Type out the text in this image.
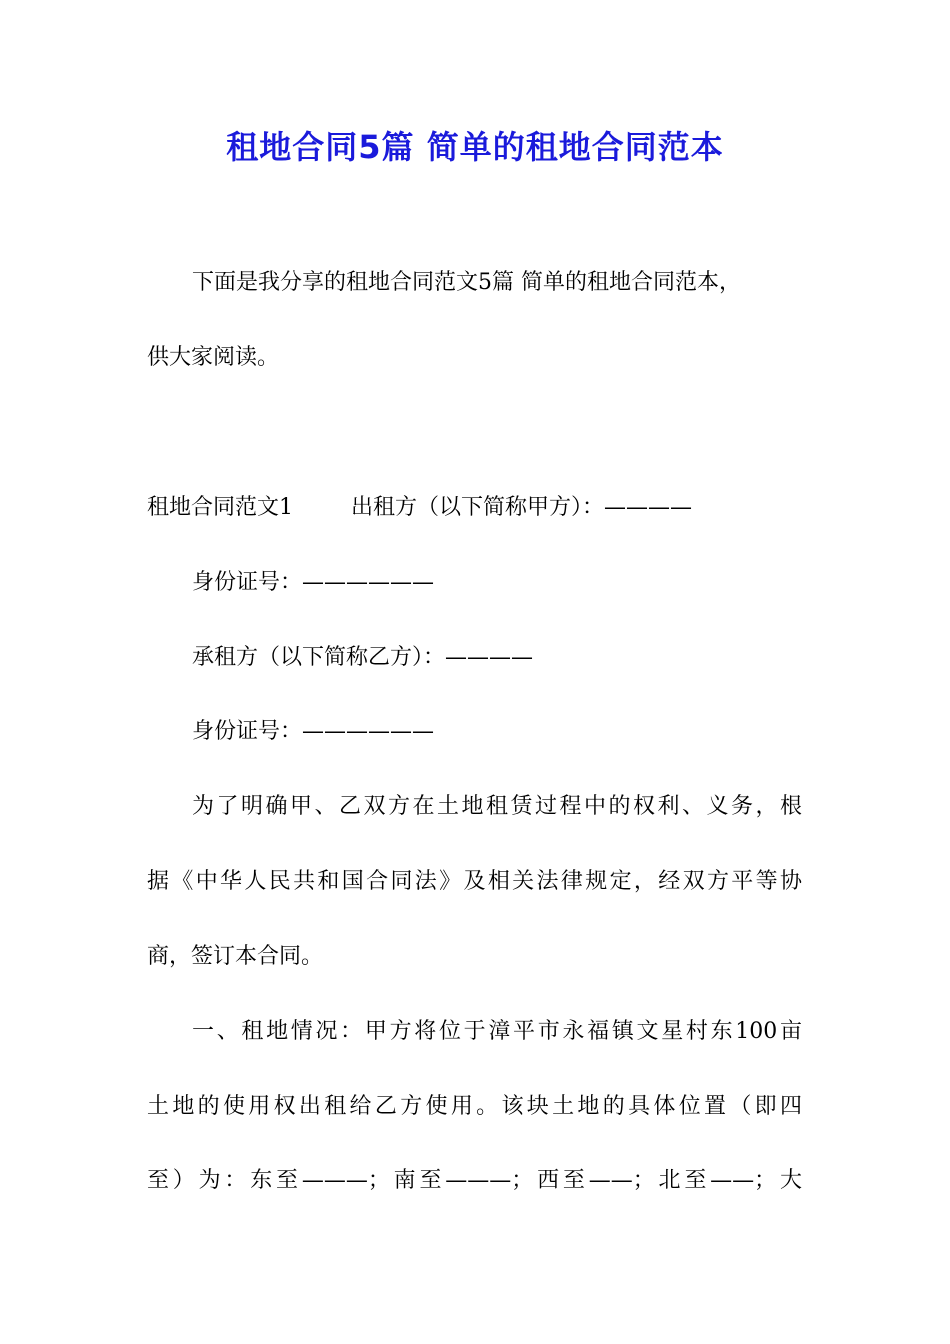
租地合同5篇 简单的租地合同范本
下面是我分享的租地合同范文5篇 简单的租地合同范本，
供大家阅读。
租地合同范文1	出租方（以下简称甲方）：————
身份证号：——————
承租方（以下简称乙方）：————
身份证号：——————
为了明确甲、乙双方在土地租赁过程中的权利、义务，根
据《中华人民共和国合同法》及相关法律规定，经双方平等协
商，签订本合同。
一、租地情况：甲方将位于漳平市永福镇文星村东100亩
土地的使用权出租给乙方使用。该块土地的具体位置（即四
至）为：东至———；南至———；西至——；北至——；大
